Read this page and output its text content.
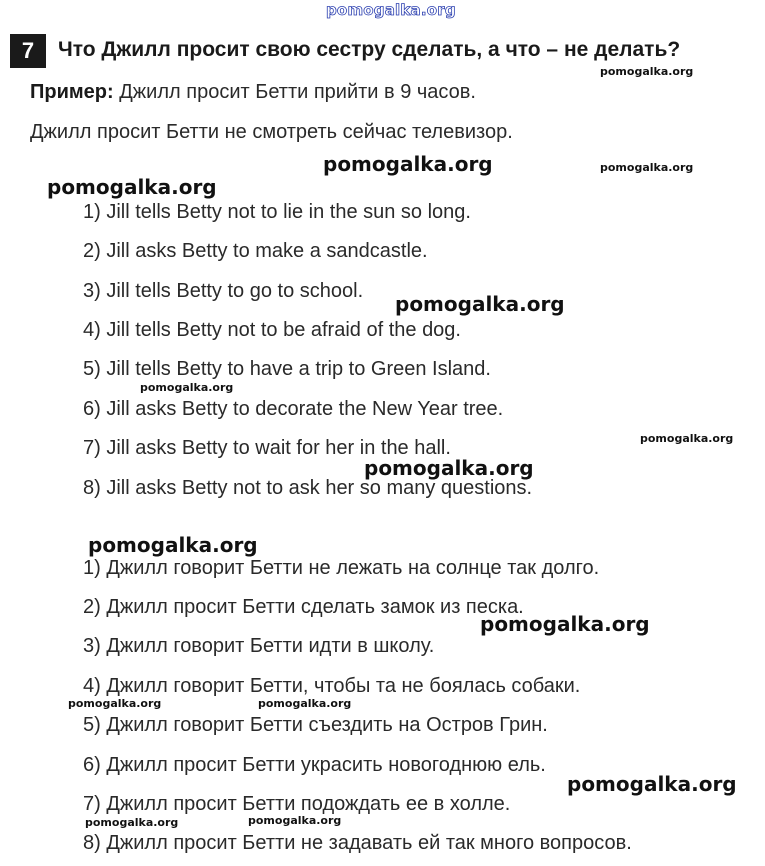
pomogalka.org
7	Что Джилл просит свою сестру сделать, а что – не делать?
Пример: Джилл просит Бетти прийти в 9 часов.
Джилл просит Бетти не смотреть сейчас телевизор.
1) Jill tells Betty not to lie in the sun so long.
2) Jill asks Betty to make a sandcastle.
3) Jill tells Betty to go to school.
4) Jill tells Betty not to be afraid of the dog.
5) Jill tells Betty to have a trip to Green Island.
6) Jill asks Betty to decorate the New Year tree.
7) Jill asks Betty to wait for her in the hall.
8) Jill asks Betty not to ask her so many questions.
1) Джилл говорит Бетти не лежать на солнце так долго.
2) Джилл просит Бетти сделать замок из песка.
3) Джилл говорит Бетти идти в школу.
4) Джилл говорит Бетти, чтобы та не боялась собаки.
5) Джилл говорит Бетти съездить на Остров Грин.
6) Джилл просит Бетти украсить новогоднюю ель.
7) Джилл просит Бетти подождать ее в холле.
8) Джилл просит Бетти не задавать ей так много вопросов.
pomogalka.org
pomogalka.org	pomogalka.org
pomogalka.org
pomogalka.org
pomogalka.org
pomogalka.org
pomogalka.org
pomogalka.org
pomogalka.org
pomogalka.org	pomogalka.org
pomogalka.org
pomogalka.org	pomogalka.org
